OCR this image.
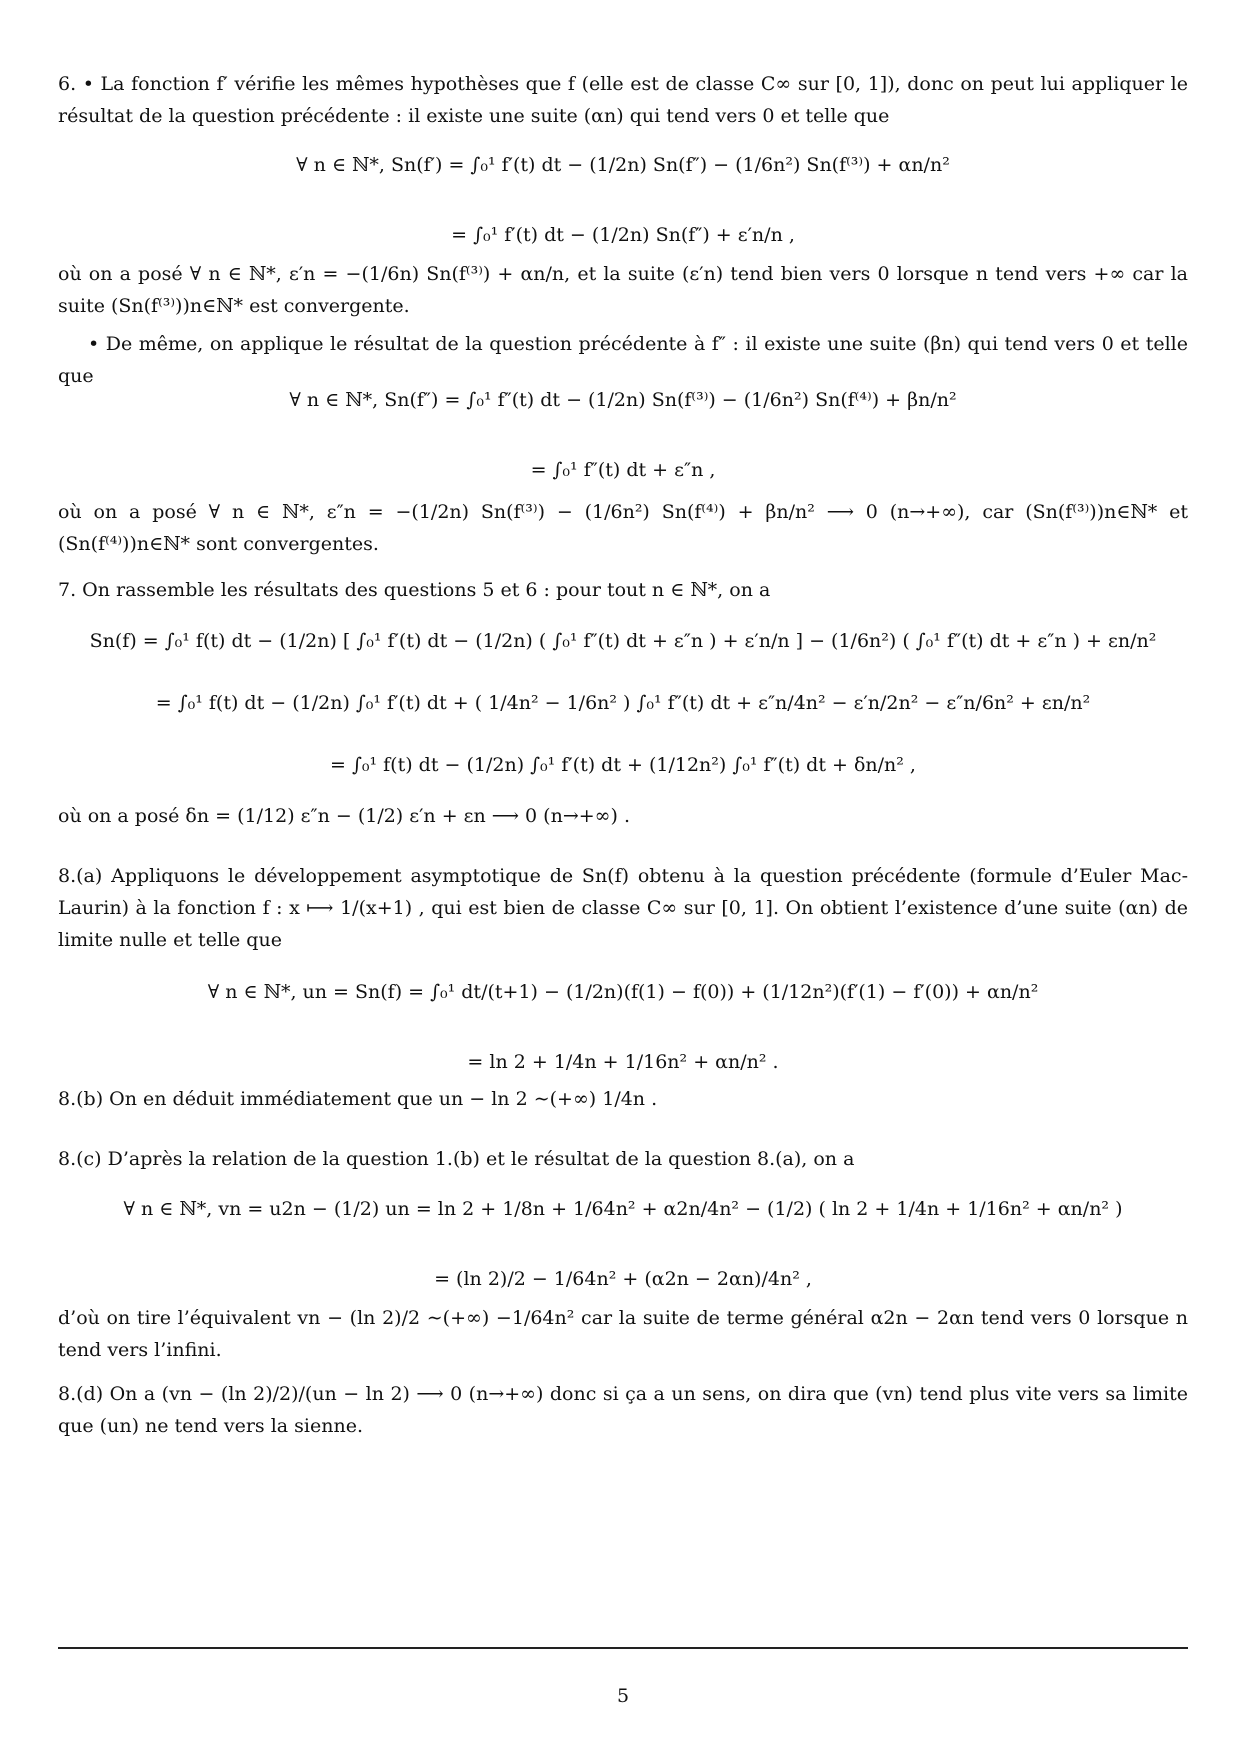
6. • La fonction f′ vérifie les mêmes hypothèses que f (elle est de classe C∞ sur [0, 1]), donc on peut lui appliquer le résultat de la question précédente : il existe une suite (αn) qui tend vers 0 et telle que
∀ n ∈ ℕ*, Sn(f′) = ∫₀¹ f′(t) dt − (1/2n) Sn(f″) − (1/6n²) Sn(f⁽³⁾) + αn/n²
= ∫₀¹ f′(t) dt − (1/2n) Sn(f″) + ε′n/n ,
où on a posé ∀ n ∈ ℕ*, ε′n = −(1/6n) Sn(f⁽³⁾) + αn/n, et la suite (ε′n) tend bien vers 0 lorsque n tend vers +∞ car la suite (Sn(f⁽³⁾))n∈ℕ* est convergente.
• De même, on applique le résultat de la question précédente à f″ : il existe une suite (βn) qui tend vers 0 et telle que
∀ n ∈ ℕ*, Sn(f″) = ∫₀¹ f″(t) dt − (1/2n) Sn(f⁽³⁾) − (1/6n²) Sn(f⁽⁴⁾) + βn/n²
= ∫₀¹ f″(t) dt + ε″n ,
où on a posé ∀ n ∈ ℕ*, ε″n = −(1/2n) Sn(f⁽³⁾) − (1/6n²) Sn(f⁽⁴⁾) + βn/n² ⟶ 0 (n→+∞), car (Sn(f⁽³⁾))n∈ℕ* et (Sn(f⁽⁴⁾))n∈ℕ* sont convergentes.
7. On rassemble les résultats des questions 5 et 6 : pour tout n ∈ ℕ*, on a
Sn(f) = ∫₀¹ f(t) dt − (1/2n) [ ∫₀¹ f′(t) dt − (1/2n) ( ∫₀¹ f″(t) dt + ε″n ) + ε′n/n ] − (1/6n²) ( ∫₀¹ f″(t) dt + ε″n ) + εn/n²
= ∫₀¹ f(t) dt − (1/2n) ∫₀¹ f′(t) dt + ( 1/4n² − 1/6n² ) ∫₀¹ f″(t) dt + ε″n/4n² − ε′n/2n² − ε″n/6n² + εn/n²
= ∫₀¹ f(t) dt − (1/2n) ∫₀¹ f′(t) dt + (1/12n²) ∫₀¹ f″(t) dt + δn/n² ,
où on a posé δn = (1/12) ε″n − (1/2) ε′n + εn ⟶ 0 (n→+∞) .
8.(a) Appliquons le développement asymptotique de Sn(f) obtenu à la question précédente (formule d’Euler Mac-Laurin) à la fonction f : x ⟼ 1/(x+1) , qui est bien de classe C∞ sur [0, 1]. On obtient l’existence d’une suite (αn) de limite nulle et telle que
∀ n ∈ ℕ*, un = Sn(f) = ∫₀¹ dt/(t+1) − (1/2n)(f(1) − f(0)) + (1/12n²)(f′(1) − f′(0)) + αn/n²
= ln 2 + 1/4n + 1/16n² + αn/n² .
8.(b) On en déduit immédiatement que un − ln 2 ∼(+∞) 1/4n .
8.(c) D’après la relation de la question 1.(b) et le résultat de la question 8.(a), on a
∀ n ∈ ℕ*, vn = u2n − (1/2) un = ln 2 + 1/8n + 1/64n² + α2n/4n² − (1/2) ( ln 2 + 1/4n + 1/16n² + αn/n² )
= (ln 2)/2 − 1/64n² + (α2n − 2αn)/4n² ,
d’où on tire l’équivalent vn − (ln 2)/2 ∼(+∞) −1/64n² car la suite de terme général α2n − 2αn tend vers 0 lorsque n tend vers l’infini.
8.(d) On a (vn − (ln 2)/2)/(un − ln 2) ⟶ 0 (n→+∞) donc si ça a un sens, on dira que (vn) tend plus vite vers sa limite que (un) ne tend vers la sienne.
5
